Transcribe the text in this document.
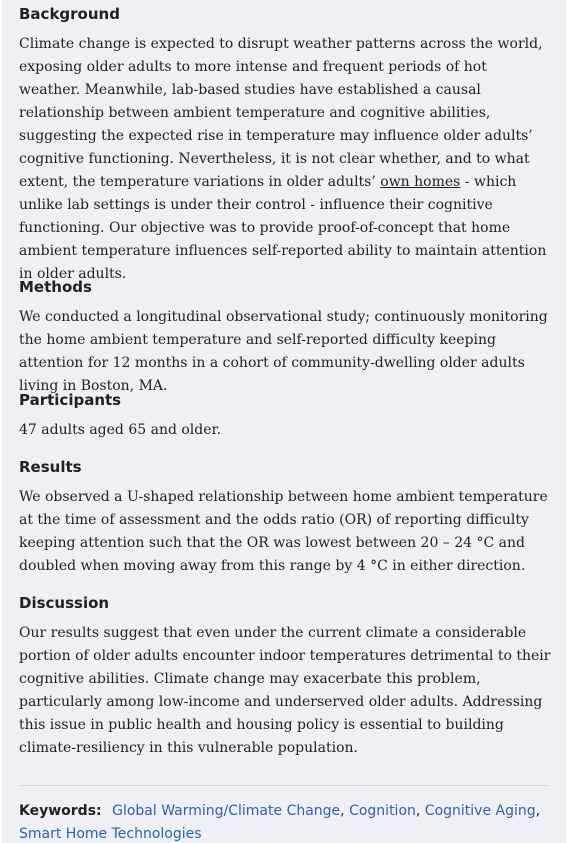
Background

Climate change is expected to disrupt weather patterns across the world, exposing older adults to more intense and frequent periods of hot weather. Meanwhile, lab-based studies have established a causal relationship between ambient temperature and cognitive abilities, suggesting the expected rise in temperature may influence older adults’ cognitive functioning. Nevertheless, it is not clear whether, and to what extent, the temperature variations in older adults’ own homes - which unlike lab settings is under their control - influence their cognitive functioning. Our objective was to provide proof-of-concept that home ambient temperature influences self-reported ability to maintain attention in older adults.

Methods

We conducted a longitudinal observational study; continuously monitoring the home ambient temperature and self-reported difficulty keeping attention for 12 months in a cohort of community-dwelling older adults living in Boston, MA.

Participants

47 adults aged 65 and older.

Results

We observed a U-shaped relationship between home ambient temperature at the time of assessment and the odds ratio (OR) of reporting difficulty keeping attention such that the OR was lowest between 20 – 24 °C and doubled when moving away from this range by 4 °C in either direction.

Discussion

Our results suggest that even under the current climate a considerable portion of older adults encounter indoor temperatures detrimental to their cognitive abilities. Climate change may exacerbate this problem, particularly among low-income and underserved older adults. Addressing this issue in public health and housing policy is essential to building climate-resiliency in this vulnerable population.

Keywords: Global Warming/Climate Change, Cognition, Cognitive Aging, Smart Home Technologies
